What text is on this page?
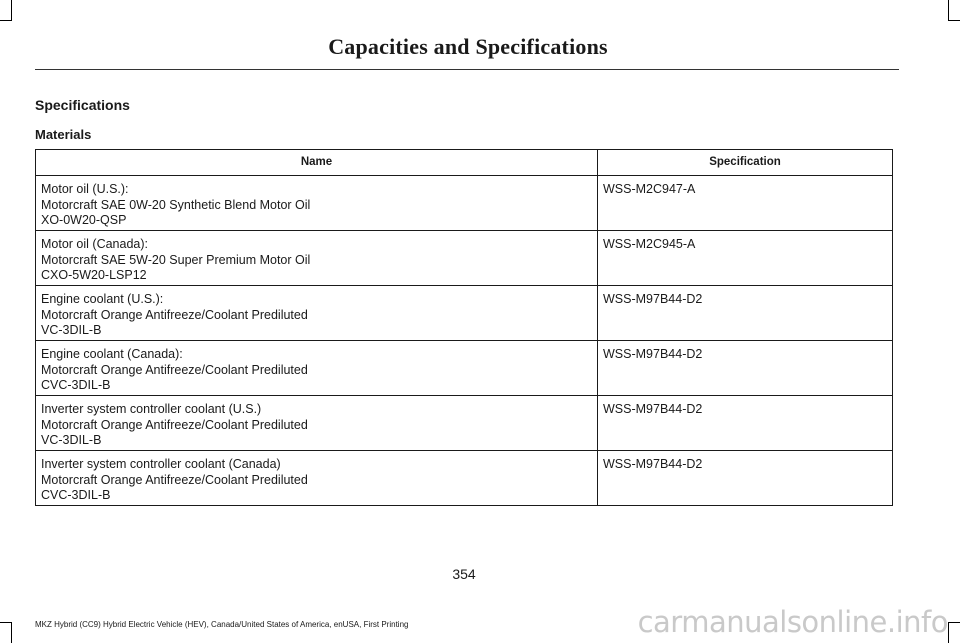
Capacities and Specifications
Specifications
Materials
Name	Specification

Motor oil (U.S.):
Motorcraft SAE 0W-20 Synthetic Blend Motor Oil
XO-0W20-QSP	WSS-M2C947-A

Motor oil (Canada):
Motorcraft SAE 5W-20 Super Premium Motor Oil
CXO-5W20-LSP12	WSS-M2C945-A

Engine coolant (U.S.):
Motorcraft Orange Antifreeze/Coolant Prediluted
VC-3DIL-B	WSS-M97B44-D2

Engine coolant (Canada):
Motorcraft Orange Antifreeze/Coolant Prediluted
CVC-3DIL-B	WSS-M97B44-D2

Inverter system controller coolant (U.S.)
Motorcraft Orange Antifreeze/Coolant Prediluted
VC-3DIL-B	WSS-M97B44-D2

Inverter system controller coolant (Canada)
Motorcraft Orange Antifreeze/Coolant Prediluted
CVC-3DIL-B	WSS-M97B44-D2
354
MKZ Hybrid (CC9) Hybrid Electric Vehicle (HEV), Canada/United States of America, enUSA, First Printing	carmanualsonline.info
